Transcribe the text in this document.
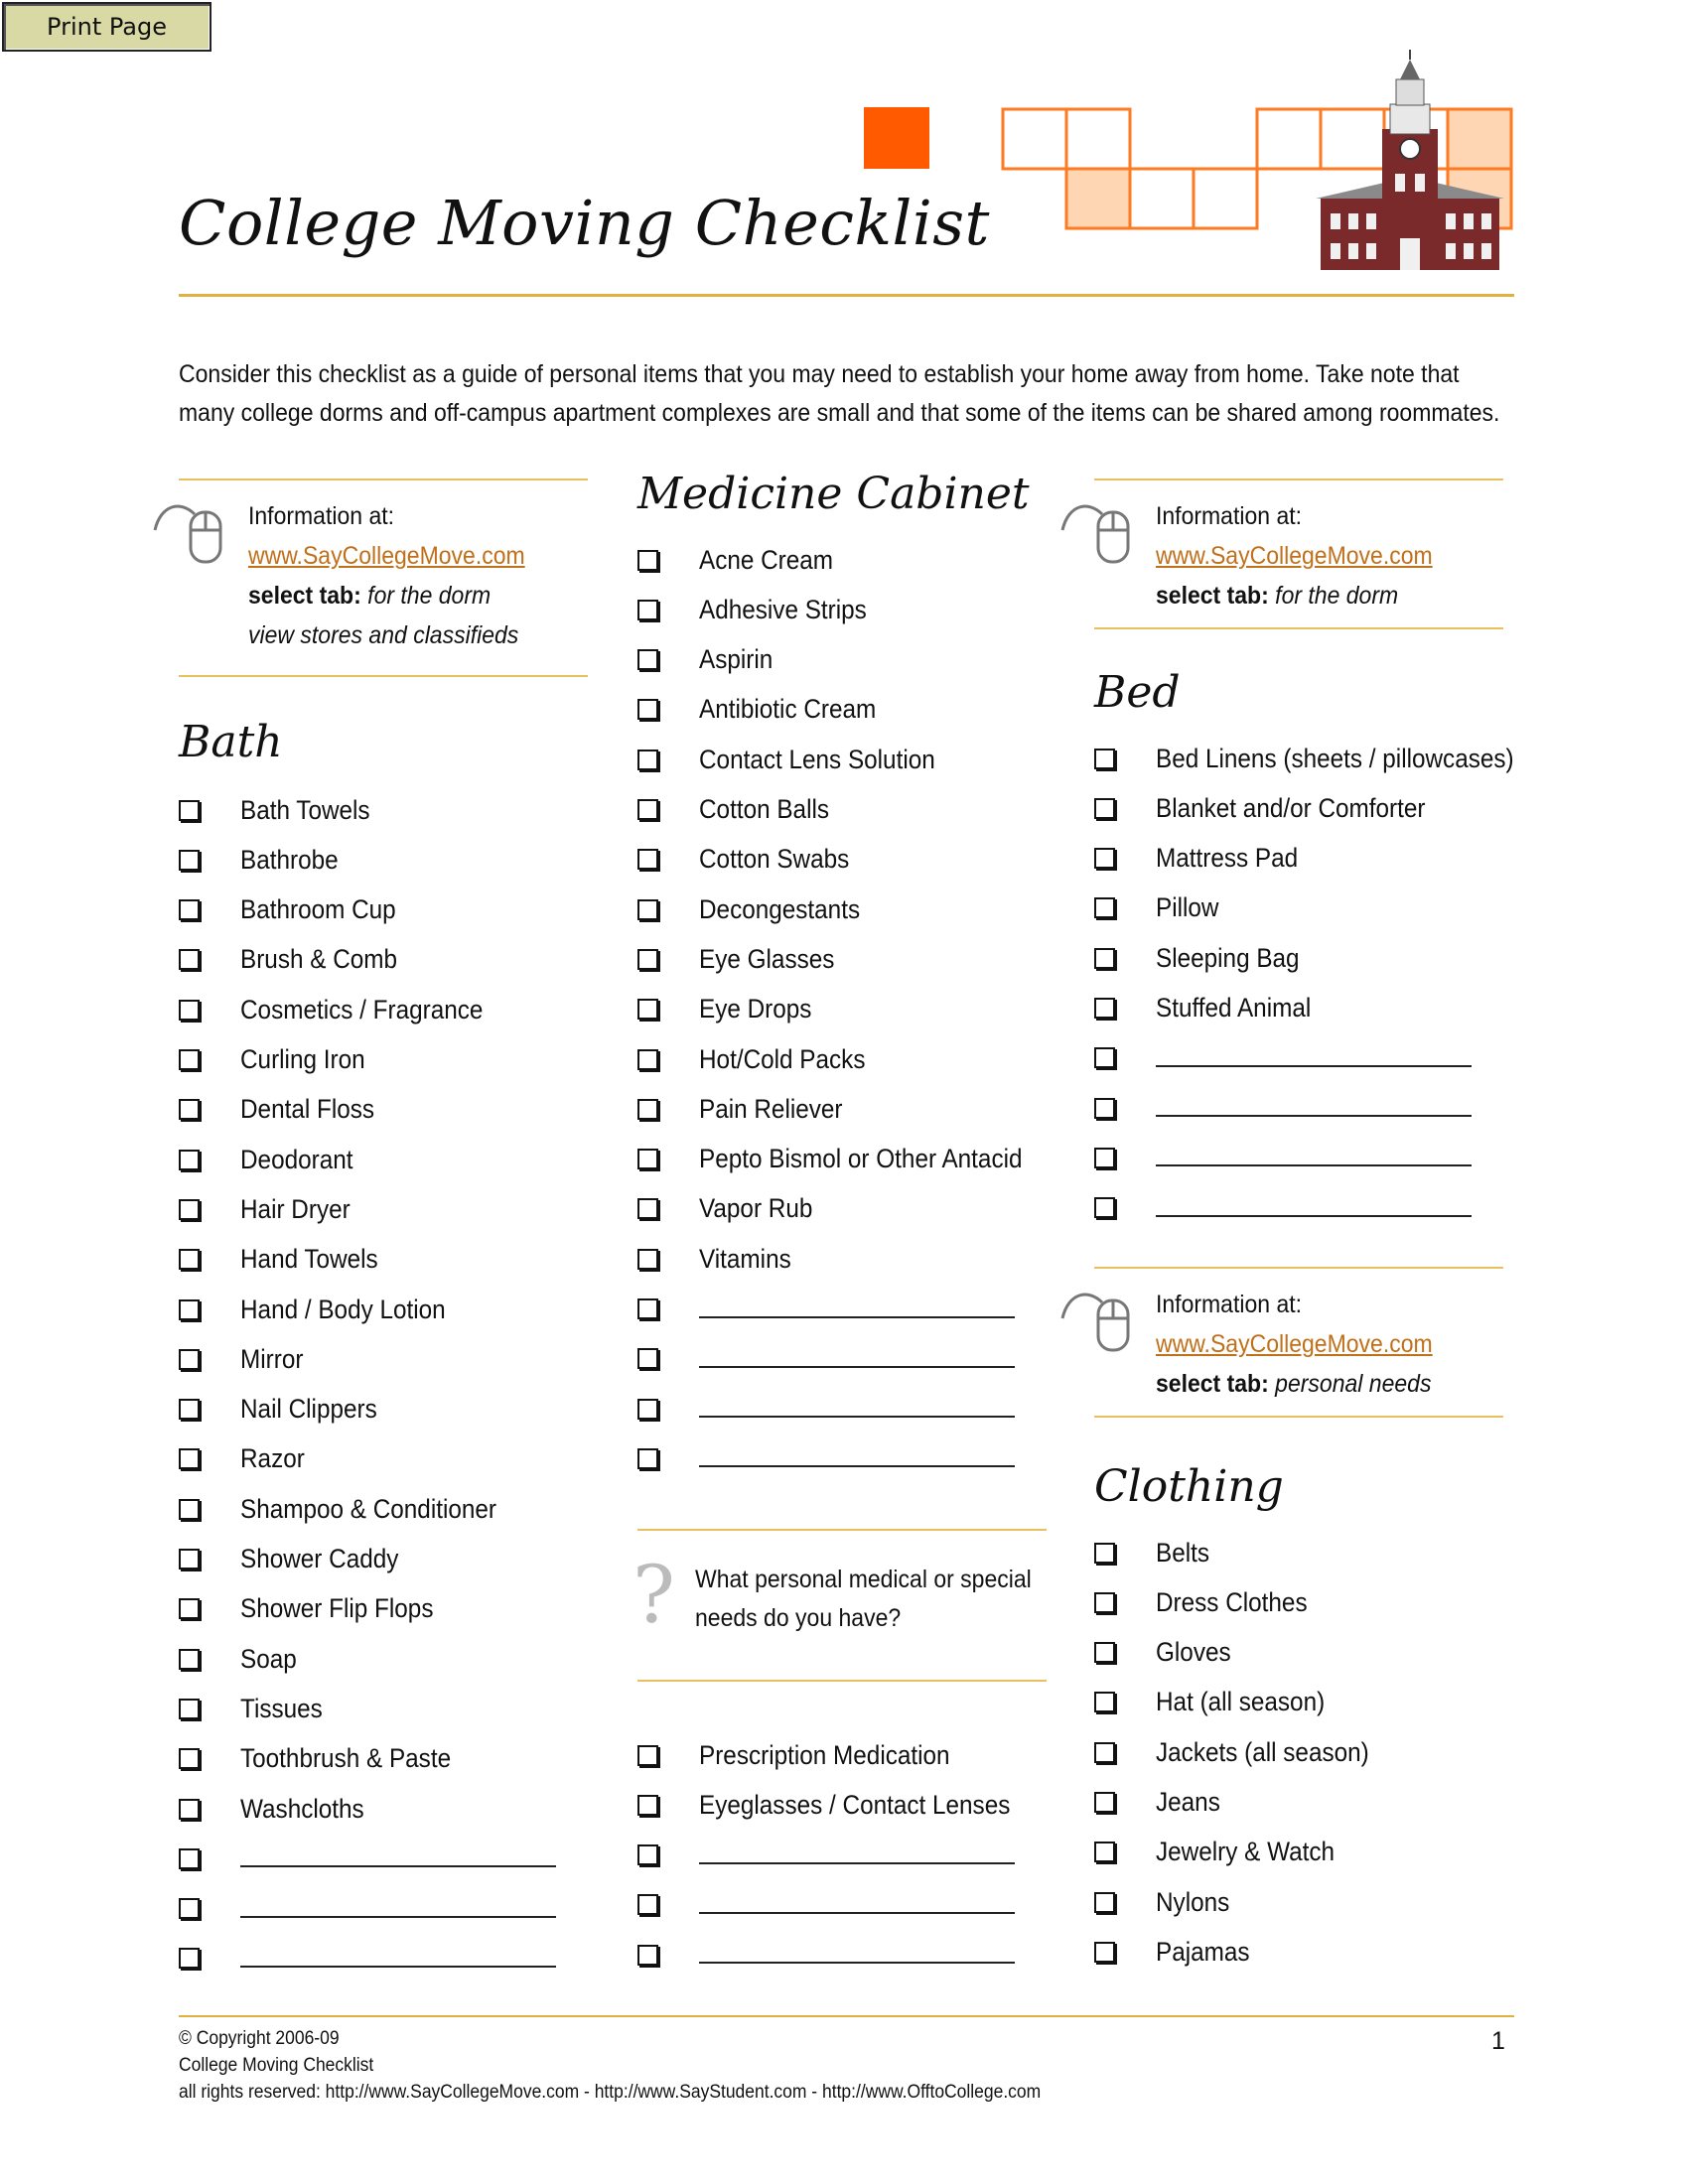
Print Page
College Moving Checklist
Consider this checklist as a guide of personal items that you may need to establish your home away from home. Take note that
many college dorms and off-campus apartment complexes are small and that some of the items can be shared among roommates.
Information at:
www.SayCollegeMove.com
select tab: for the dorm
view stores and classifieds
Bath
Bath Towels
Bathrobe
Bathroom Cup
Brush & Comb
Cosmetics / Fragrance
Curling Iron
Dental Floss
Deodorant
Hair Dryer
Hand Towels
Hand / Body Lotion
Mirror
Nail Clippers
Razor
Shampoo & Conditioner
Shower Caddy
Shower Flip Flops
Soap
Tissues
Toothbrush & Paste
Washcloths
Medicine Cabinet
Acne Cream
Adhesive Strips
Aspirin
Antibiotic Cream
Contact Lens Solution
Cotton Balls
Cotton Swabs
Decongestants
Eye Glasses
Eye Drops
Hot/Cold Packs
Pain Reliever
Pepto Bismol or Other Antacid
Vapor Rub
Vitamins
? What personal medical or special
needs do you have?
Prescription Medication
Eyeglasses / Contact Lenses
Information at:
www.SayCollegeMove.com
select tab: for the dorm
Bed
Bed Linens (sheets / pillowcases)
Blanket and/or Comforter
Mattress Pad
Pillow
Sleeping Bag
Stuffed Animal
Information at:
www.SayCollegeMove.com
select tab: personal needs
Clothing
Belts
Dress Clothes
Gloves
Hat (all season)
Jackets (all season)
Jeans
Jewelry & Watch
Nylons
Pajamas
© Copyright 2006-09
College Moving Checklist
all rights reserved: http://www.SayCollegeMove.com - http://www.SayStudent.com - http://www.OfftoCollege.com
1
